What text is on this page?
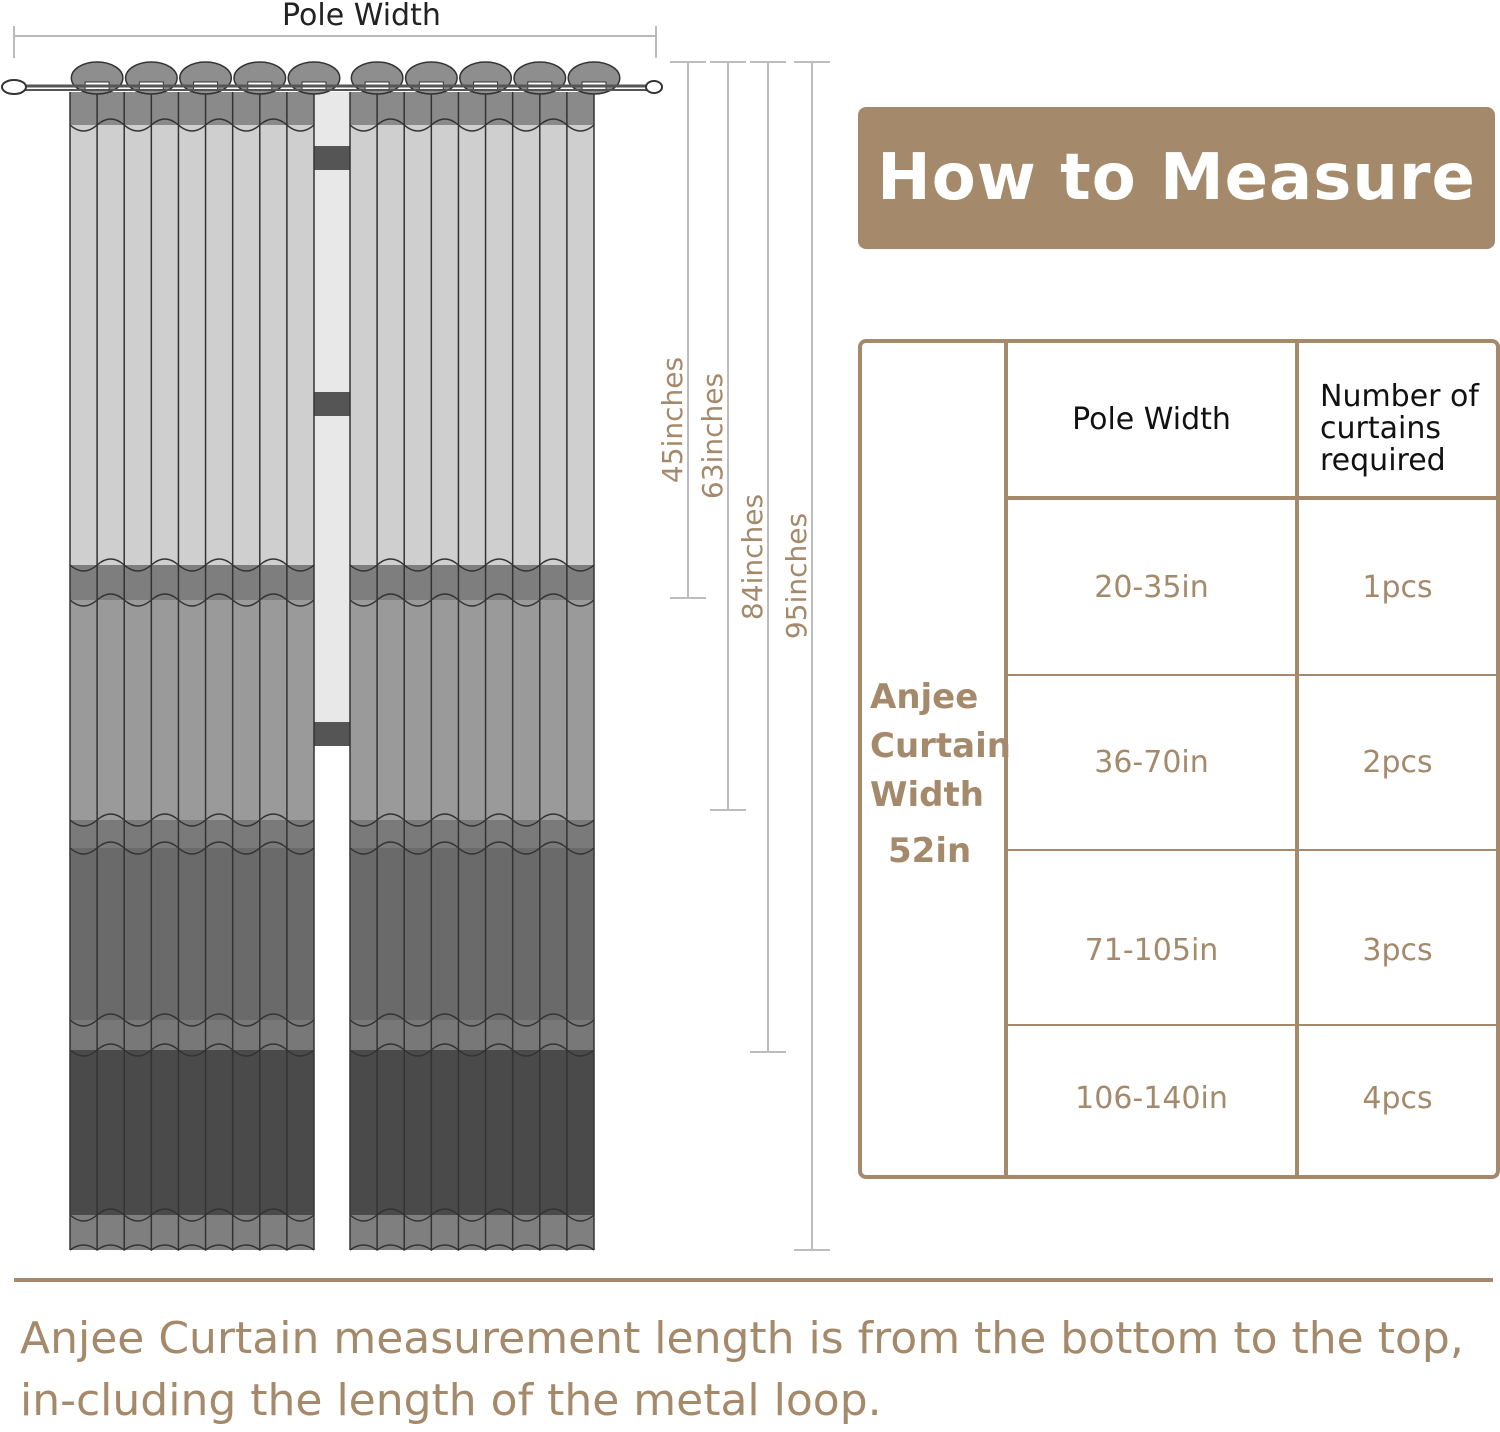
Pole Width
45inches 63inches
84inches 95inches
How to Measure
Anjee
Curtain
Width
52in
Pole Width
Number of
curtains
required
20-35in	1pcs
36-70in	2pcs
71-105in	3pcs
106-140in	4pcs
Anjee Curtain measurement length is from the bottom to the top, in-cluding the length of the metal loop.
